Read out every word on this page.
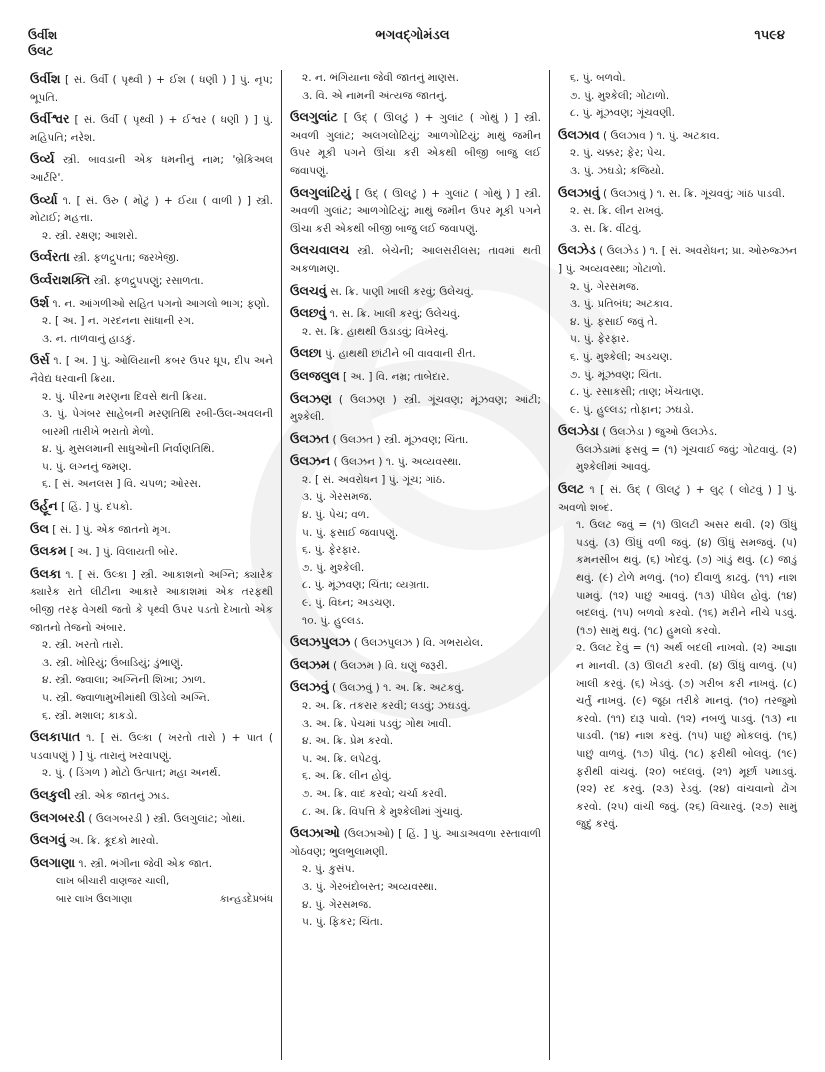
ઉર્વીશ
ઉલટ
ભગવદ્ગોમંડલ	૧૫૯૪
ઉર્વીશ [ સં. ઉર્વી ( પૃથ્વી ) + ઈશ ( ધણી ) ] પું. નૃપ; ભૂપતિ.
ઉર્વીશ્વર [ સં. ઉર્વી ( પૃથ્વી ) + ઈશ્વર ( ધણી ) ] પું. મહિપતિ; નરેશ.
ઉર્વ્ય સ્ત્રી. બાવડાની એક ધમનીનું નામ; 'બ્રેકિઅલ આર્ટરિ'.
ઉર્વ્યા ૧. [ સં. ઉરુ ( મોટું ) + ઈયા ( વાળી ) ] સ્ત્રી. મોટાઈ; મહત્તા.
૨. સ્ત્રી. રક્ષણ; આશરો.
ઉર્વ્વરતા સ્ત્રી. ફળદ્રુપતા; જરખેજી.
ઉર્વ્વરાશક્તિ સ્ત્રી. ફળદ્રુપપણું; રસાળતા.
ઉર્શ ૧. ન. આંગળીઓ સહિત પગનો આગલો ભાગ; ફણો.
૨. [ અ. ] ન. ગરદનના સાંધાની રગ.
૩. ન. તાળવાનું હાડકું.
ઉર્સ ૧. [ અ. ] પું. ઓલિયાની કબર ઉપર ધૂપ, દીપ અને નૈવેદ્ય ધરવાની ક્રિયા.
૨. પું. પીરના મરણના દિવસે થતી ક્રિયા.
૩. પું. પેગંબર સાહેબની મરણતિથિ રબી-ઉલ-અવલની બારમી તારીખે ભરાતો મેળો.
૪. પું. મુસલમાની સાધુઓની નિર્વાણતિથિ.
૫. પું. લગ્નનું જમણ.
૬. [ સં. અનલસ ] વિ. ચપળ; ઓરસ.
ઉર્હૂન [ હિં. ] પું. દપકો.
ઉલ [ સં. ] પું. એક જાતનો મૃગ.
ઉલકમ [ અ. ] પું. વિલાયતી બોર.
ઉલકા ૧. [ સં. ઉલ્કા ] સ્ત્રી. આકાશનો અગ્નિ; ક્યારેક ક્યારેક રાતે લીટીના આકારે આકાશમાં એક તરફથી બીજી તરફ વેગથી જતો કે પૃથ્વી ઉપર પડતો દેખાતો એક જાતનો તેજનો અંબાર.
૨. સ્ત્રી. ખરતો તારો.
૩. સ્ત્રી. ખોરિયું; ઉંબાડિયું; ડુંભાણું.
૪. સ્ત્રી. જ્વાલા; અગ્નિની શિખા; ઝાળ.
૫. સ્ત્રી. જ્વાળામુખીમાંથી ઊડેલો અગ્નિ.
૬. સ્ત્રી. મશાલ; કાકડો.
ઉલકાપાત ૧. [ સં. ઉલ્કા ( ખરતો તારો ) + પાત ( પડવાપણું ) ] પું. તારાનું ખરવાપણું.
૨. પું. ( ડિંગળ ) મોટો ઉત્પાત; મહા અનર્થ.
ઉલકુલી સ્ત્રી. એક જાતનું ઝાડ.
ઉલગબરડી ( ઉલગબરડી ) સ્ત્રી. ઉલગુલાંટ; ગોથાં.
ઉલગવું અ. ક્રિ. કૂદકો મારવો.
ઉલગાણા ૧. સ્ત્રી. ભંગીના જેવી એક જાત.
લાખ બીચારી વાણજર ચાલી,
બાર લાખ ઉલગાણા	કાન્હડદેપ્રબંધ
૨. ન. ભંગિયાના જેવી જાતનું માણસ.
૩. વિ. એ નામની અંત્યજ જાતનું.
ઉલગુલાંટ [ ઉદ્ ( ઊલટું ) + ગુલાંટ ( ગોથું ) ] સ્ત્રી. અવળી ગુલાંટ; અલગલોટિયું; આળગોટિયું; માથું જમીન ઉપર મૂકી પગને ઊંચા કરી એકથી બીજી બાજુ લઈ જવાપણું.
ઉલગુલાંટિયું [ ઉદ્ ( ઊલટું ) + ગુલાંટ ( ગોથું ) ] સ્ત્રી. અવળી ગુલાંટ; આળગોટિયું; માથું જમીન ઉપર મૂકી પગને ઊંચા કરી એકથી બીજી બાજુ લઈ જવાપણું.
ઉલચવાલચ સ્ત્રી. બેચેની; આલસરીલસ; તાવમાં થતી અકળામણ.
ઉલચવું સ. ક્રિ. પાણી ખાલી કરવું; ઉલેચવું.
ઉલછવું ૧. સ. ક્રિ. ખાલી કરવું; ઉલેચવું.
૨. સ. ક્રિ. હાથથી ઉડાડવું; વિખેરવું.
ઉલછા પું. હાથથી છાંટીને બી વાવવાની રીત.
ઉલજલુલ [ અ. ] વિ. નમ્ર; તાબેદાર.
ઉલઝણ ( ઉલઝણ ) સ્ત્રી. ગૂંચવણ; મૂંઝવણ; આંટી; મુશ્કેલી.
ઉલઝત ( ઉલઝત ) સ્ત્રી. મૂંઝવણ; ચિંતા.
ઉલઝન ( ઉલઝન ) ૧. પું. અવ્યવસ્થા.
૨. [ સં. અવરોધન ] પું. ગૂંચ; ગાંઠ.
૩. પું. ગેરસમજ.
૪. પું. પેચ; વળ.
૫. પું. ફસાઈ જવાપણું.
૬. પું. ફેરફાર.
૭. પું. મુશ્કેલી.
૮. પું. મૂંઝવણ; ચિંતા; વ્યગ્રતા.
૯. પું. વિઘ્ન; અડચણ.
૧૦. પું. હુલ્લડ.
ઉલઝપુલઝ ( ઉલઝપુલઝ ) વિ. ગભરાયેલ.
ઉલઝમ ( ઉલઝમ ) વિ. ઘણું જરૂરી.
ઉલઝવું ( ઉલઝવું ) ૧. અ. ક્રિ. અટકવું.
૨. અ. ક્રિ. તકરાર કરવી; લડવું; ઝઘડવું.
૩. અ. ક્રિ. પેચમાં પડવું; ગોથ ખાવી.
૪. અ. ક્રિ. પ્રેમ કરવો.
૫. અ. ક્રિ. લપેટવું.
૬. અ. ક્રિ. લીન હોવું.
૭. અ. ક્રિ. વાદ કરવો; ચર્ચા કરવી.
૮. અ. ક્રિ. વિપત્તિ કે મુશ્કેલીમાં ગુંચાવું.
ઉલઝાઓ (ઉલઝાઓ) [ હિં. ] પું. આડાઅવળા રસ્તાવાળી ગોઠવણ; ભુલભુલામણી.
૨. પું. કુસંપ.
૩. પું. ગેરબંદોબસ્ત; અવ્યવસ્થા.
૪. પું. ગેરસમજ.
૫. પું. ફિકર; ચિંતા.
૬. પું. બળવો.
૭. પું. મુશ્કેલી; ગોટાળો.
૮. પું. મૂંઝવણ; ગૂંચવણી.
ઉલઝાવ ( ઉલઝાવ ) ૧. પું. અટકાવ.
૨. પું. ચક્કર; ફેર; પેચ.
૩. પું. ઝઘડો; કજિયો.
ઉલઝાવું ( ઉલઝાવું ) ૧. સ. ક્રિ. ગૂંચવવું; ગાંઠ પાડવી.
૨. સ. ક્રિ. લીન રાખવું.
૩. સ. ક્રિ. વીંટવું.
ઉલઝેડ ( ઉલઝેડ ) ૧. [ સં. અવરોધન; પ્રા. ઓરુજ્ઝન ] પું. અવ્યવસ્થા; ગોટાળો.
૨. પું. ગેરસમજ.
૩. પું. પ્રતિબંધ; અટકાવ.
૪. પું. ફસાઈ જવું તે.
૫. પું. ફેરફાર.
૬. પું. મુશ્કેલી; અડચણ.
૭. પું. મૂંઝવણ; ચિંતા.
૮. પું. રસાકસી; તાણ; ખેંચતાણ.
૯. પું. હુલ્લડ; તોફાન; ઝઘડો.
ઉલઝેડા ( ઉલઝેડા ) જુઓ ઉલઝેડ.
ઉલઝેડામાં ફસવું = (૧) ગૂંચવાઈ જવું; ગોટવાવું. (૨) મુશ્કેલીમાં આવવું.
ઉલટ ૧ [ સં. ઉદ્ ( ઊલટું ) + લુટ્ ( લોટવું ) ] પું. અવળો શબ્દ.
૧. ઉલટ જવું = (૧) ઊલટી અસર થવી. (૨) ઊંધું પડવું. (૩) ઊંધું વળી જવું. (૪) ઊંધું સમજવું. (૫) કમનસીબ થવું. (૬) ખોદવું. (૭) ગાંડું થવું. (૮) જાડું થવું. (૯) ટોળે મળવું. (૧૦) દીવાળું કાઢવું. (૧૧) નાશ પામવું. (૧૨) પાછું આવવું. (૧૩) પીધેલ હોવું. (૧૪) બદલવું. (૧૫) બળવો કરવો. (૧૬) મરીને નીચે પડવું. (૧૭) સામું થવું. (૧૮) હુમલો કરવો.
૨. ઉલટ દેવું = (૧) અર્થ બદલી નાખવો. (૨) આજ્ઞા ન માનવી. (૩) ઊલટી કરવી. (૪) ઊંધું વાળવું. (૫) ખાલી કરવું. (૬) ખેડવું. (૭) ગરીબ કરી નાખવું. (૮) ચર્તું નાખવું. (૯) જૂઠા તરીકે માનવું. (૧૦) તરજુમો કરવો. (૧૧) દારૂ પાવો. (૧૨) નબળું પાડવું. (૧૩) ના પાડવી. (૧૪) નાશ કરવું. (૧૫) પાછું મોકલવું. (૧૬) પાછું વાળવું. (૧૭) પીવું. (૧૮) ફરીથી બોલવું. (૧૯) ફરીથી વાંચવું. (૨૦) બદલવું. (૨૧) મૂર્છા પમાડવું. (૨૨) રદ કરવું. (૨૩) રેડવું. (૨૪) વાંચવાનો ઢોંગ કરવો. (૨૫) વાંચી જવું. (૨૬) વિચારવું. (૨૭) સામું જુદું કરવું.
